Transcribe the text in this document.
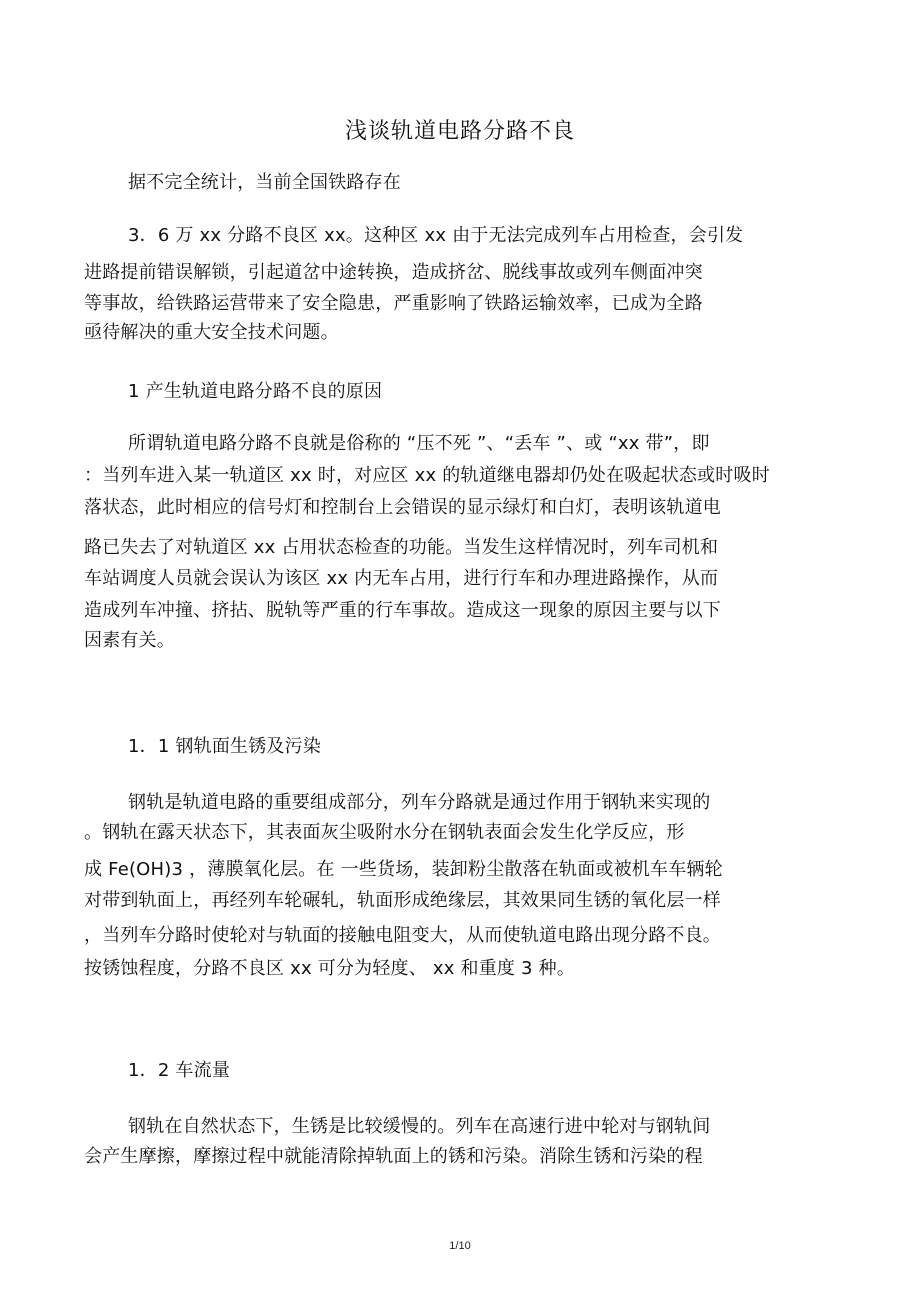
浅谈轨道电路分路不良
据不完全统计，当前全国铁路存在
3．6 万 xx 分路不良区 xx。这种区 xx 由于无法完成列车占用检查，会引发
进路提前错误解锁，引起道岔中途转换，造成挤岔、脱线事故或列车侧面冲突
等事故，给铁路运营带来了安全隐患，严重影响了铁路运输效率，已成为全路
亟待解决的重大安全技术问题。
1 产生轨道电路分路不良的原因
所谓轨道电路分路不良就是俗称的 “压不死 ”、“丢车 ”、或 “xx 带”，即
：当列车进入某一轨道区 xx 时，对应区 xx 的轨道继电器却仍处在吸起状态或时吸时
落状态，此时相应的信号灯和控制台上会错误的显示绿灯和白灯，表明该轨道电
路已失去了对轨道区 xx 占用状态检查的功能。当发生这样情况时，列车司机和
车站调度人员就会误认为该区 xx 内无车占用，进行行车和办理进路操作，从而
造成列车冲撞、挤拈、脱轨等严重的行车事故。造成这一现象的原因主要与以下
因素有关。
1．1 钢轨面生锈及污染
钢轨是轨道电路的重要组成部分，列车分路就是通过作用于钢轨来实现的
。钢轨在露天状态下，其表面灰尘吸附水分在钢轨表面会发生化学反应，形
成 Fe(OH)3 ，薄膜氧化层。在 一些货场，装卸粉尘散落在轨面或被机车车辆轮
对带到轨面上，再经列车轮碾轧，轨面形成绝缘层，其效果同生锈的氧化层一样
，当列车分路时使轮对与轨面的接触电阻变大，从而使轨道电路出现分路不良。
按锈蚀程度，分路不良区 xx 可分为轻度、 xx 和重度 3 种。
1．2 车流量
钢轨在自然状态下，生锈是比较缓慢的。列车在高速行进中轮对与钢轨间
会产生摩擦，摩擦过程中就能清除掉轨面上的锈和污染。消除生锈和污染的程
1/10
